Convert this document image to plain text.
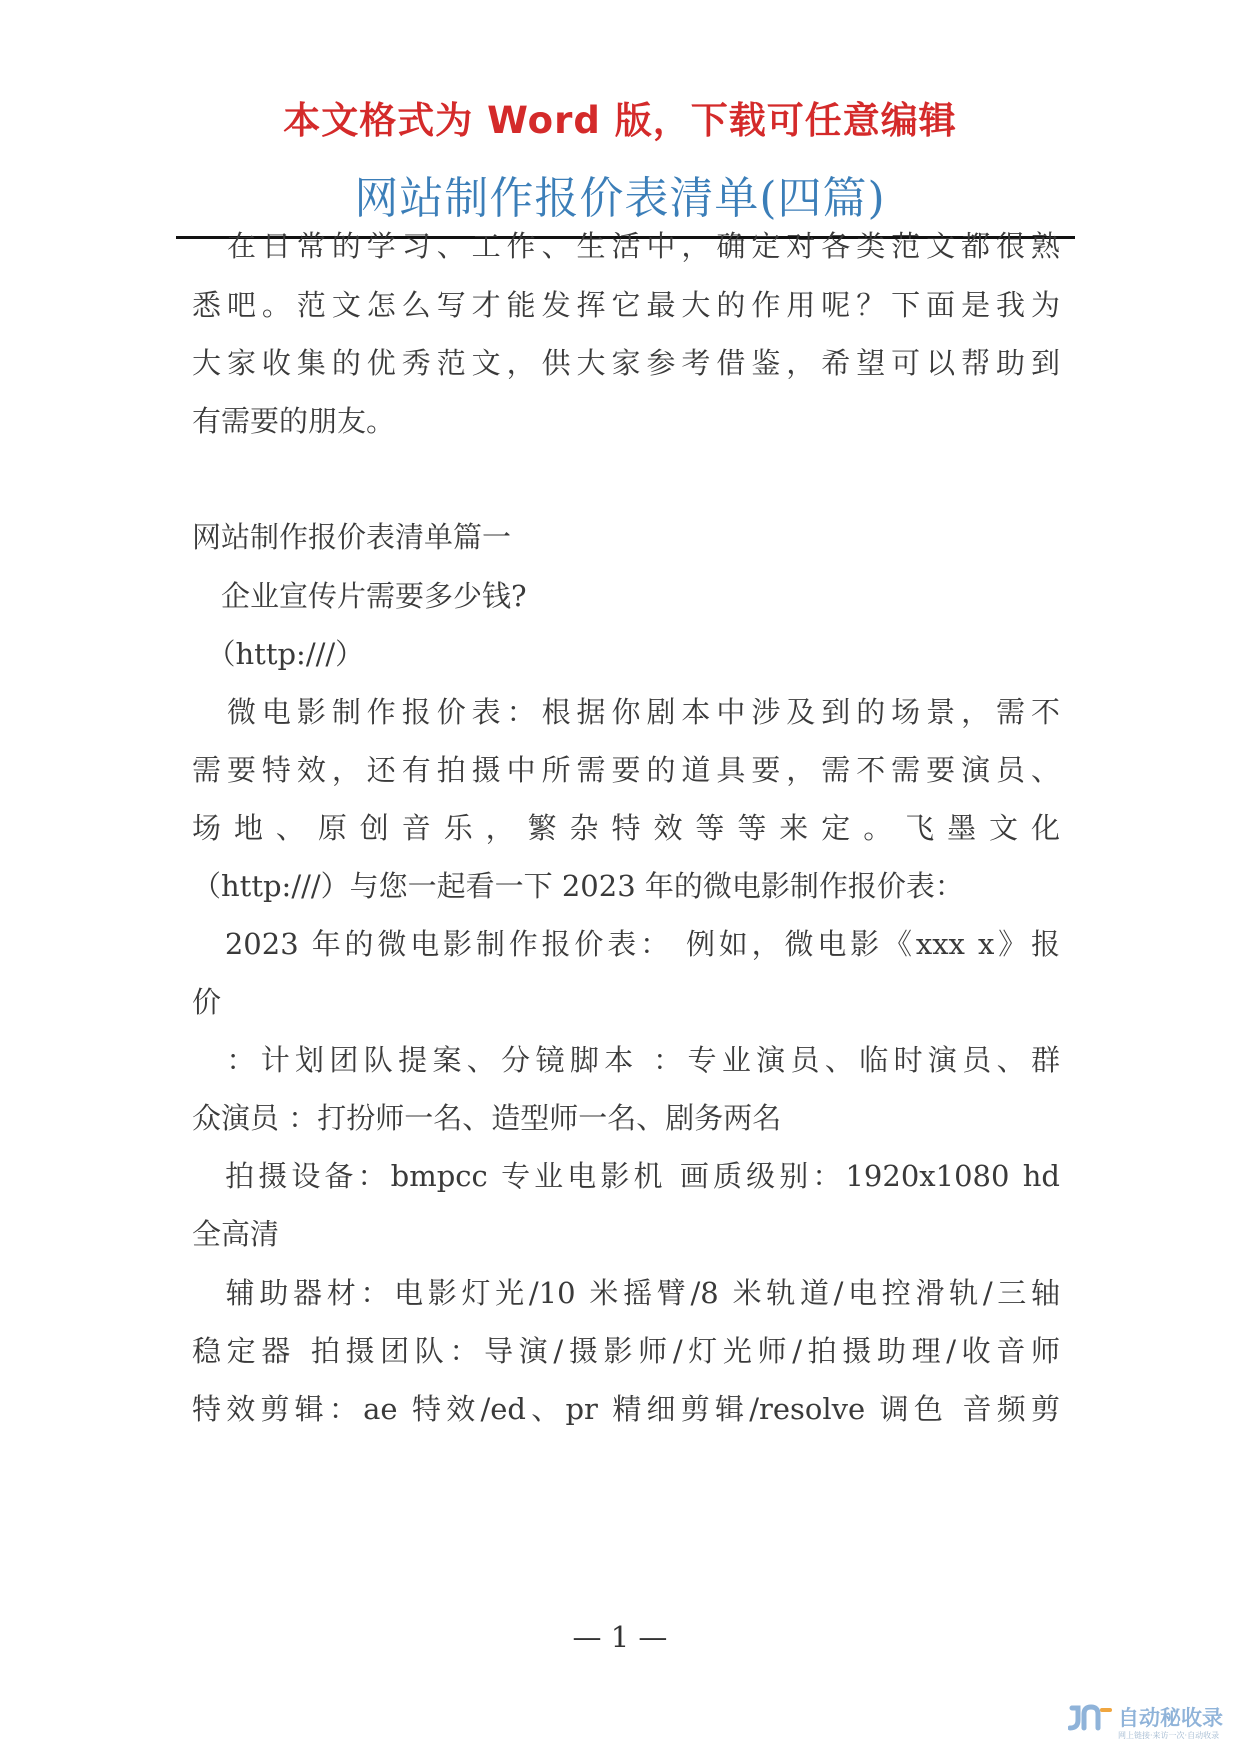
本文格式为 Word 版，下载可任意编辑
网站制作报价表清单(四篇)
　在日常的学习、工作、生活中，确定对各类范文都很熟
悉吧。范文怎么写才能发挥它最大的作用呢？下面是我为
大家收集的优秀范文，供大家参考借鉴，希望可以帮助到
有需要的朋友。
网站制作报价表清单篇一
　企业宣传片需要多少钱?
　（http:///）
　微电影制作报价表：根据你剧本中涉及到的场景，需不
需要特效，还有拍摄中所需要的道具要，需不需要演员、
场地、原创音乐，繁杂特效等等来定。飞墨文化
（http:///）与您一起看一下 2023 年的微电影制作报价表：
　2023 年的微电影制作报价表： 例如，微电影《xxx x》报
价
　：计划团队提案、分镜脚本 ：专业演员、临时演员、群
众演员 ：打扮师一名、造型师一名、剧务两名
　拍摄设备：bmpcc 专业电影机 画质级别：1920x1080 hd
全高清
　辅助器材：电影灯光/10 米摇臂/8 米轨道/电控滑轨/三轴
稳定器 拍摄团队：导演/摄影师/灯光师/拍摄助理/收音师
特效剪辑：ae 特效/ed、pr 精细剪辑/resolve 调色 音频剪
— 1 —
自动秘收录
网上链接·来访一次·自动收录
